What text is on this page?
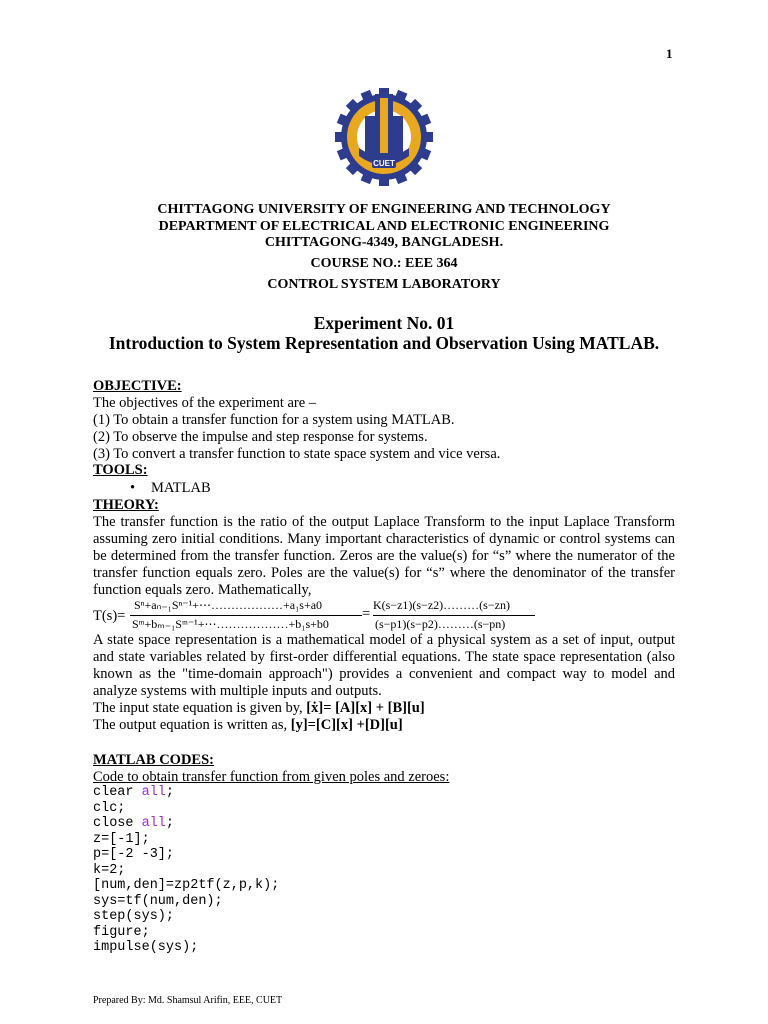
1
CUET
CHITTAGONG UNIVERSITY OF ENGINEERING AND TECHNOLOGY
DEPARTMENT OF ELECTRICAL AND ELECTRONIC ENGINEERING
CHITTAGONG-4349, BANGLADESH.
COURSE NO.: EEE 364
CONTROL SYSTEM LABORATORY
Experiment No. 01
Introduction to System Representation and Observation Using MATLAB.
OBJECTIVE:
The objectives of the experiment are –
(1) To obtain a transfer function for a system using MATLAB.
(2) To observe the impulse and step response for systems.
(3) To convert a transfer function to state space system and vice versa.
TOOLS:
• MATLAB
THEORY:
The transfer function is the ratio of the output Laplace Transform to the input Laplace Transform assuming zero initial conditions. Many important characteristics of dynamic or control systems can be determined from the transfer function. Zeros are the value(s) for “s” where the numerator of the transfer function equals zero. Poles are the value(s) for “s” where the denominator of the transfer function equals zero. Mathematically,
T(s)=
Sⁿ+aₙ₋₁Sⁿ⁻¹+⋯………………+a₁s+a0
Sᵐ+bₘ₋₁Sᵐ⁻¹+⋯………………+b₁s+b0
=
K(s−z1)(s−z2)………(s−zn)
(s−p1)(s−p2)………(s−pn)
A state space representation is a mathematical model of a physical system as a set of input, output and state variables related by first-order differential equations. The state space representation (also known as the "time-domain approach") provides a convenient and compact way to model and analyze systems with multiple inputs and outputs.
The input state equation is given by, [ẋ]= [A][x] + [B][u]
The output equation is written as, [y]=[C][x] +[D][u]
MATLAB CODES:
Code to obtain transfer function from given poles and zeroes:
clear all;
clc;
close all;
z=[-1];
p=[-2 -3];
k=2;
[num,den]=zp2tf(z,p,k);
sys=tf(num,den);
step(sys);
figure;
impulse(sys);
Prepared By: Md. Shamsul Arifin, EEE, CUET
